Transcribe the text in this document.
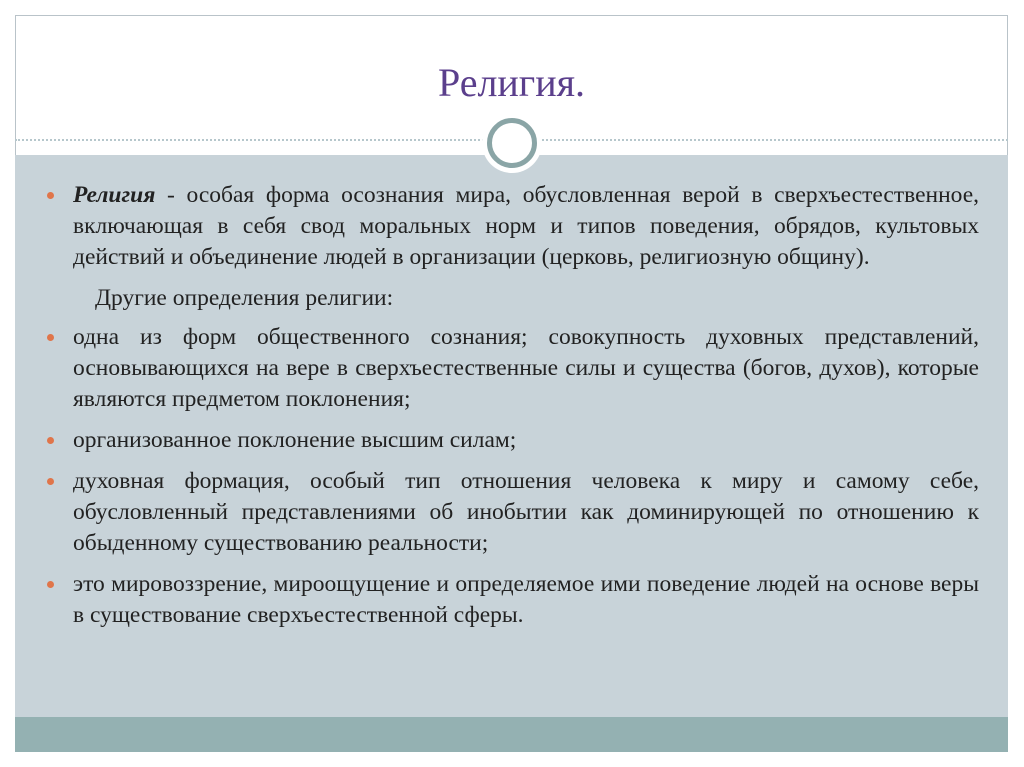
Религия.

Религия - особая форма осознания мира, обусловленная верой в сверхъестественное, включающая в себя свод моральных норм и типов поведения, обрядов, культовых действий и объединение людей в организации (церковь, религиозную общину).

Другие определения религии:

одна из форм общественного сознания; совокупность духовных представлений, основывающихся на вере в сверхъестественные силы и существа (богов, духов), которые являются предметом поклонения;

организованное поклонение высшим силам;

духовная формация, особый тип отношения человека к миру и самому себе, обусловленный представлениями об инобытии как доминирующей по отношению к обыденному существованию реальности;

это мировоззрение, мироощущение и определяемое ими поведение людей на основе веры в существование сверхъестественной сферы.
